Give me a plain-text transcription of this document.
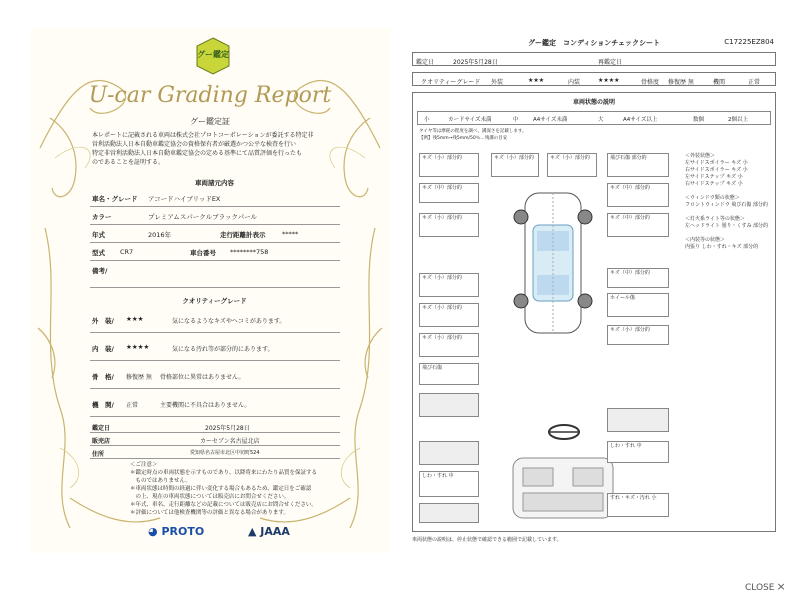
グー鑑定
U-car Grading Report
グー鑑定証
本レポートに記載される車両は株式会社プロトコーポレーションが委託する特定非
営利活動法人日本自動車鑑定協会の資格保有者が厳選かつ公平な検査を行い
特定非営利活動法人日本自動車鑑定協会の定める基準にて品質評価を行ったも
のであることを証明する。
車両諸元内容
車名・グレード アコードハイブリッドEX
カラー	プレミアムスパークルブラックパール
年式	2016年	走行距離計表示	*****
型式 CR7	車台番号 ********758
備考/
クオリティーグレード
外　装/ ★★★	気になるようなキズやヘコミがあります。
内　装/ ★★★★	気になる汚れ等が部分的にあります。
骨　格/ 修復歴 無 骨格部位に異常はありません。
機　関/ 正常	主要機関に不具合はありません。
鑑定日	2025年5月28日
販売店	カーセブン名古屋北店
住所	愛知県名古屋市北区中切町524
＜ご注意＞
＊鑑定時点の車両状態を示すものであり、以降将来にわたり品質を保証する
　ものではありません。
＊車両状態は時間の経過に伴い変化する場合もあるため、鑑定日をご確認
　の上、現在の車両状態については販売店にお問合せください。
＊年式、車名、走行距離などの記載については販売店にお問合せください。
＊評価については他検査機関等の評価と異なる場合があります。
◕ PROTO	▲ JAAA
グー鑑定　コンディションチェックシート	C17225EZ804
鑑定日	2025年5月28日	再鑑定日
クオリティーグレード 外装	★★★	内装	★★★★	骨格度 修復歴 無	機関	正常
車両状態の説明
小	カードサイズ未満	中	A4サイズ未満	大	A4サイズ以上	数個	2個以上
タイヤ等は摩耗の程度を調べ、溝深さを記載します。
【例】残5mm→残5mm/50％…残溝の目安
キズ（小）部分的	キズ（小）部分的	キズ（小）部分的	飛び石傷 部分的
キズ（中）部分的	キズ（中）部分的
キズ（小）部分的	キズ（中）部分的
キズ（小）部分的
キズ（小）部分的
ホイール傷
キズ（中）部分的
キズ（小）部分的
キズ（小）部分的
飛び石傷
しわ・すれ 中
しわ・すれ 中
すれ・キズ・汚れ 小
＜外装状態＞
左サイドスポイラー キズ 小
右サイドスポイラー キズ 小
左サイドステップ キズ 小
右サイドステップ キズ 小

＜ウィンドウ類の状態＞
フロントウィンドウ 飛び石傷 部分的

＜灯火系ライト等の状態＞
左ヘッドライト 曇り・くすみ 部分的

＜内装等の状態＞
内張り しわ・すれ・キズ 部分的
車両状態の説明は、停止状態で確認できる範囲で記載しています。
CLOSE ×
